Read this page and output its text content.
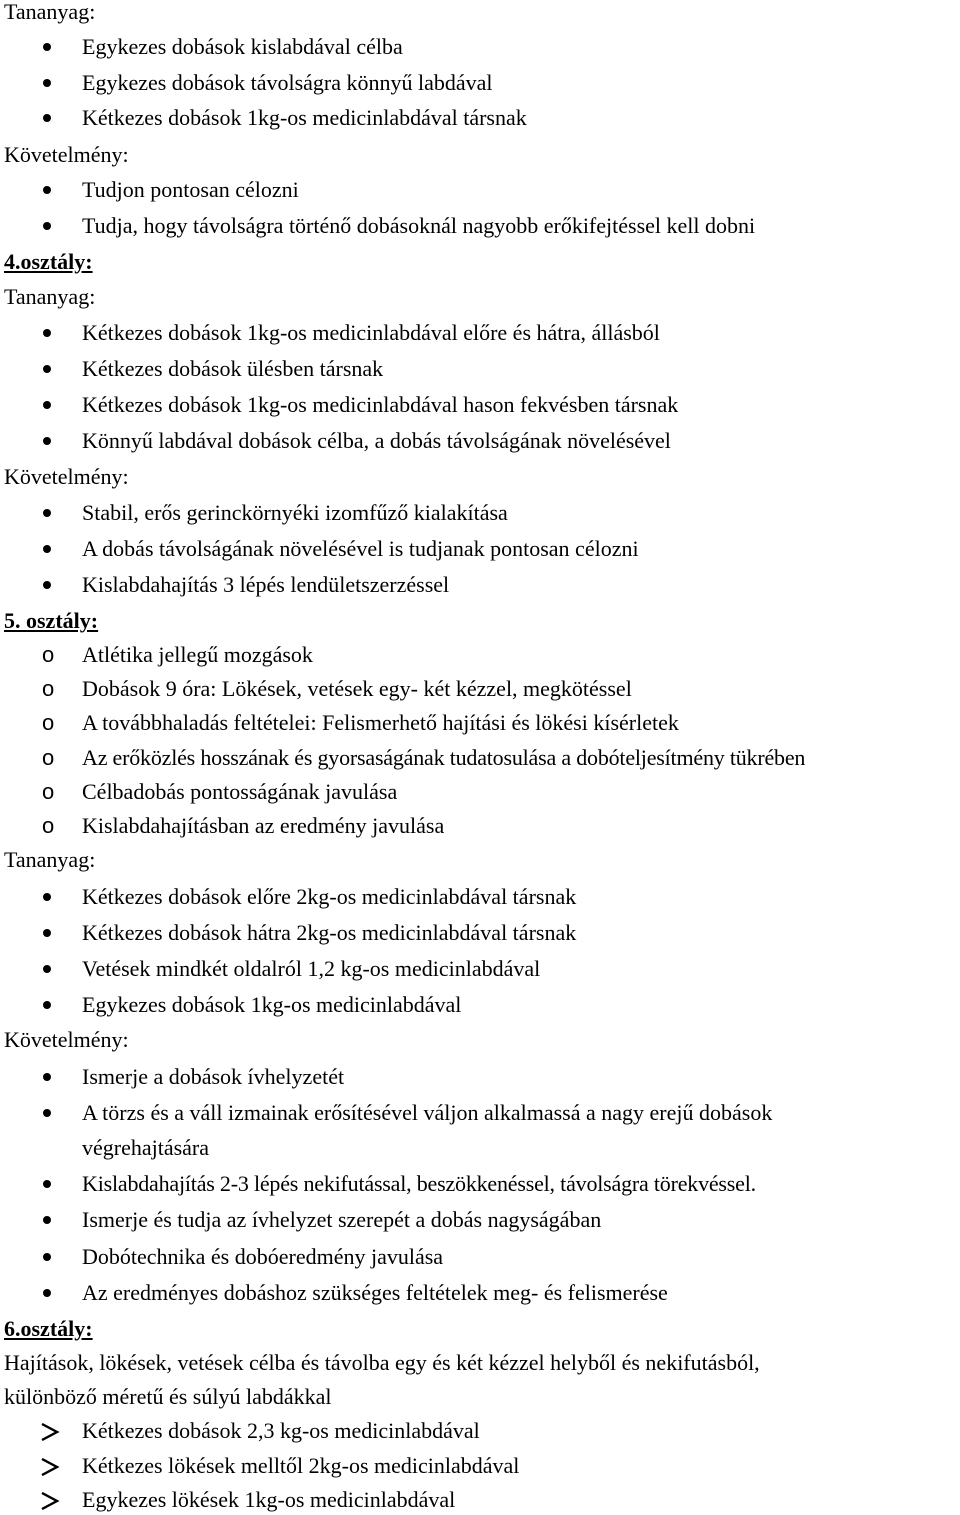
Tananyag:
Egykezes dobások kislabdával célba
Egykezes dobások távolságra könnyű labdával
Kétkezes dobások 1kg-os medicinlabdával társnak
Követelmény:
Tudjon pontosan célozni
Tudja, hogy távolságra történő dobásoknál nagyobb erőkifejtéssel kell dobni
4.osztály:
Tananyag:
Kétkezes dobások 1kg-os medicinlabdával előre és hátra, állásból
Kétkezes dobások ülésben társnak
Kétkezes dobások 1kg-os medicinlabdával hason fekvésben társnak
Könnyű labdával dobások célba, a dobás távolságának növelésével
Követelmény:
Stabil, erős gerinckörnyéki izomfűző kialakítása
A dobás távolságának növelésével is tudjanak pontosan célozni
Kislabdahajítás 3 lépés lendületszerzéssel
5. osztály:
o	Atlétika jellegű mozgások
o	Dobások 9 óra: Lökések, vetések egy- két kézzel, megkötéssel
o	A továbbhaladás feltételei: Felismerhető hajítási és lökési kísérletek
o	Az erőközlés hosszának és gyorsaságának tudatosulása a dobóteljesítmény tükrében
o	Célbadobás pontosságának javulása
o	Kislabdahajításban az eredmény javulása
Tananyag:
Kétkezes dobások előre 2kg-os medicinlabdával társnak
Kétkezes dobások hátra 2kg-os medicinlabdával társnak
Vetések mindkét oldalról 1,2 kg-os medicinlabdával
Egykezes dobások 1kg-os medicinlabdával
Követelmény:
Ismerje a dobások ívhelyzetét
A törzs és a váll izmainak erősítésével váljon alkalmassá a nagy erejű dobások
végrehajtására
Kislabdahajítás 2-3 lépés nekifutással, beszökkenéssel, távolságra törekvéssel.
Ismerje és tudja az ívhelyzet szerepét a dobás nagyságában
Dobótechnika és dobóeredmény javulása
Az eredményes dobáshoz szükséges feltételek meg- és felismerése
6.osztály:
Hajítások, lökések, vetések célba és távolba egy és két kézzel helyből és nekifutásból,
különböző méretű és súlyú labdákkal
Kétkezes dobások 2,3 kg-os medicinlabdával
Kétkezes lökések melltől 2kg-os medicinlabdával
Egykezes lökések 1kg-os medicinlabdával
